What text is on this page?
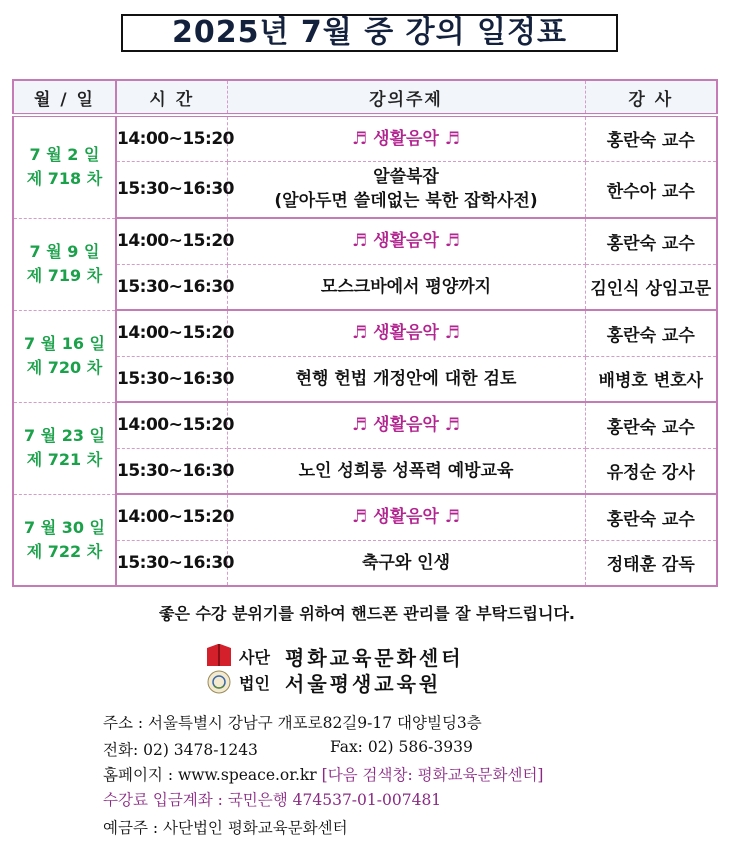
2025년 7월 중 강의 일정표
월 / 일	시 간	강의주제	강 사

7 월 2 일
제 718 차	14:00~15:20	♬ 생활음악 ♬	홍란숙 교수
	15:30~16:30	알쓸북잡
(알아두면 쓸데없는 북한 잡학사전)	한수아 교수

7 월 9 일
제 719 차	14:00~15:20	♬ 생활음악 ♬	홍란숙 교수
	15:30~16:30	모스크바에서 평양까지	김인식 상임고문

7 월 16 일
제 720 차	14:00~15:20	♬ 생활음악 ♬	홍란숙 교수
	15:30~16:30	현행 헌법 개정안에 대한 검토	배병호 변호사

7 월 23 일
제 721 차	14:00~15:20	♬ 생활음악 ♬	홍란숙 교수
	15:30~16:30	노인 성희롱 성폭력 예방교육	유정순 강사

7 월 30 일
제 722 차	14:00~15:20	♬ 생활음악 ♬	홍란숙 교수
	15:30~16:30	축구와 인생	정태훈 감독
좋은 수강 분위기를 위하여 핸드폰 관리를 잘 부탁드립니다.
사단 평화교육문화센터
법인 서울평생교육원
주소 : 서울특별시 강남구 개포로82길9-17 대양빌딩3층
전화: 02) 3478-1243	Fax: 02) 586-3939
홈페이지 : www.speace.or.kr [다음 검색창: 평화교육문화센터]
수강료 입금계좌 : 국민은행 474537-01-007481
예금주 : 사단법인 평화교육문화센터
